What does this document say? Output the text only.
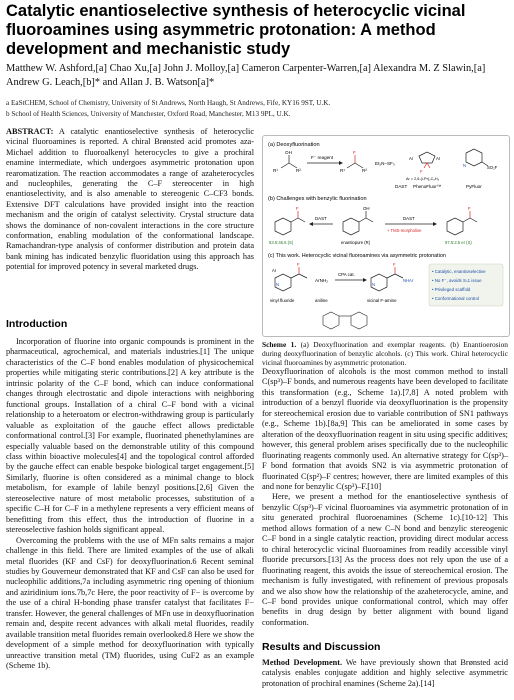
Catalytic enantioselective synthesis of heterocyclic vicinal fluoroamines using asymmetric protonation: A method development and mechanistic study
Matthew W. Ashford,[a] Chao Xu,[a] John J. Molloy,[a] Cameron Carpenter-Warren,[a] Alexandra M. Z Slawin,[a] Andrew G. Leach,[b]* and Allan J. B. Watson[a]*
a EaStCHEM, School of Chemistry, University of St Andrews, North Haugh, St Andrews, Fife, KY16 9ST, U.K.
b School of Health Sciences, University of Manchester, Oxford Road, Manchester, M13 9PL, U.K.
ABSTRACT: A catalytic enantioselective synthesis of heterocyclic vicinal fluoroamines is reported. A chiral Brønsted acid promotes aza-Michael addition to fluoroalkenyl heterocycles to give a prochiral enamine intermediate, which undergoes asymmetric protonation upon rearomatization. The reaction accommodates a range of azaheterocycles and nucleophiles, generating the C–F stereocenter in high enantioselectivity, and is also amenable to stereogenic C–CF3 bonds. Extensive DFT calculations have provided insight into the reaction mechanism and the origin of catalyst selectivity. Crystal structure data shows the dominance of non-covalent interactions in the core structure conformation, enabling modulation of the conformational landscape. Ramachandran-type analysis of conformer distribution and protein data bank mining has indicated benzylic fluoridation using this approach has potential for improved potency in several marketed drugs.
Introduction

Incorporation of fluorine into organic compounds is prominent in the pharmaceutical, agrochemical, and materials industries.[1] The unique characteristics of the C–F bond enables modulation of physicochemical properties while mitigating steric contributions.[2] A key attribute is the intrinsic polarity of the C–F bond, which can induce conformational changes through electrostatic and dipole interactions with neighboring functional groups. Installation of a chiral C–F bond with a vicinal relationship to a heteroatom or electron-withdrawing group is particularly valuable as exploitation of the gauche effect allows predictable conformational control.[3] For example, fluorinated phenethylamines are especially valuable based on the demonstrable utility of this compound class within bioactive molecules[4] and the topological control afforded by the gauche effect can enable bespoke biological target engagement.[5] Similarly, fluorine is often considered as a minimal change to block metabolism, for example of labile benzyl positions.[2,6] Given the stereoselective nature of most metabolic processes, substitution of a specific C–H for C–F in a methylene represents a very efficient means of benefitting from this effect, thus the introduction of fluorine in a stereoselective fashion holds significant appeal.

Overcoming the problems with the use of MFn salts remains a major challenge in this field. There are limited examples of the use of alkali metal fluorides (KF and CsF) for deoxyfluorination.6 Recent seminal studies by Gouverneur demonstrated that KF and CsF can also be used for nucleophilic additions,7a including asymmetric ring opening of thionium and aziridinium ions.7b,7c Here, the poor reactivity of F− is overcome by the use of a chiral H-bonding phase transfer catalyst that facilitates F− transfer. However, the general challenges of MFn use in deoxyfluorination remain and, despite recent advances with alkali metal fluorides, readily available transition metal fluorides remain overlooked.8 Here we show the development of a simple method for deoxyfluorination with typically unreactive transition metal (TM) fluorides, using CuF2 as an example (Scheme 1b).

(a) Deoxyfluorination
OH
R¹	R²
F⁻ reagent
F
R¹	R²
Et₂N–SF₃
Ar	Ar
F
Ar = 2,6-(i-Pr)₂C₆H₃
N	SO₂F
DAST PhenoFluor™	PyFluor
(b) Challenges with benzylic fluorination
F
53.5:46.5 (S)
DAST
OH
enantiopure (R)
DAST
+ TMS-morpholine
F
97.5:2.5 er (S)
(c) This work. Heterocyclic vicinal fluoroamines via asymmetric protonation
Ar
N
F
vinyl fluoride
ArNH₂
aniline
CPA cat.
N
F
NHAr
vicinal F-amine
• Catalytic, enantioselective
• No F⁻, avoids Sₙ1 issue
• Privileged scaffold
• Conformational control
Scheme 1. (a) Deoxyfluorination and exemplar reagents. (b) Enantioerosion during deoxyfluorination of benzylic alcohols. (c) This work. Chiral heterocyclic vicinal fluoroamines by asymmetric protonation.

Deoxyfluorination of alcohols is the most common method to install C(sp³)–F bonds, and numerous reagents have been developed to facilitate this transformation (e.g., Scheme 1a).[7,8] A noted problem with introduction of a benzyl fluoride via deoxyfluorination is the propensity for stereochemical erosion due to variable contribution of SN1 pathways (e.g., Scheme 1b).[8a,9] This can be ameliorated in some cases by alteration of the deoxyfluorination reagent in situ using specific additives; however, this general problem arises specifically due to the nucleophilic fluorinating reagents commonly used. An alternative strategy for C(sp³)–F bond formation that avoids SN2 is via asymmetric protonation of fluorinated C(sp²)–F centres; however, there are limited examples of this and none for benzylic C(sp³)–F.[10]

Here, we present a method for the enantioselective synthesis of benzylic C(sp³)–F vicinal fluoroamines via asymmetric protonation of in situ generated prochiral fluoroenamines (Scheme 1c).[10-12] This method allows formation of a new C–N bond and benzylic stereogenic C–F bond in a single catalytic reaction, providing direct modular access to chiral heterocyclic vicinal fluoroamines from readily accessible vinyl fluoride precursors.[13] As the process does not rely upon the use of a fluorinating reagent, this avoids the issue of stereochemical erosion. The mechanism is fully investigated, with refinement of previous proposals and we also show how the relationship of the azaheterocycle, amine, and C–F bond provides unique conformational control, which may offer benefits in drug design by better alignment with bound ligand conformation.

Results and Discussion
Method Development. We have previously shown that Brønsted acid catalysis enables conjugate addition and highly selective asymmetric protonation of prochiral enamines (Scheme 2a).[14]
